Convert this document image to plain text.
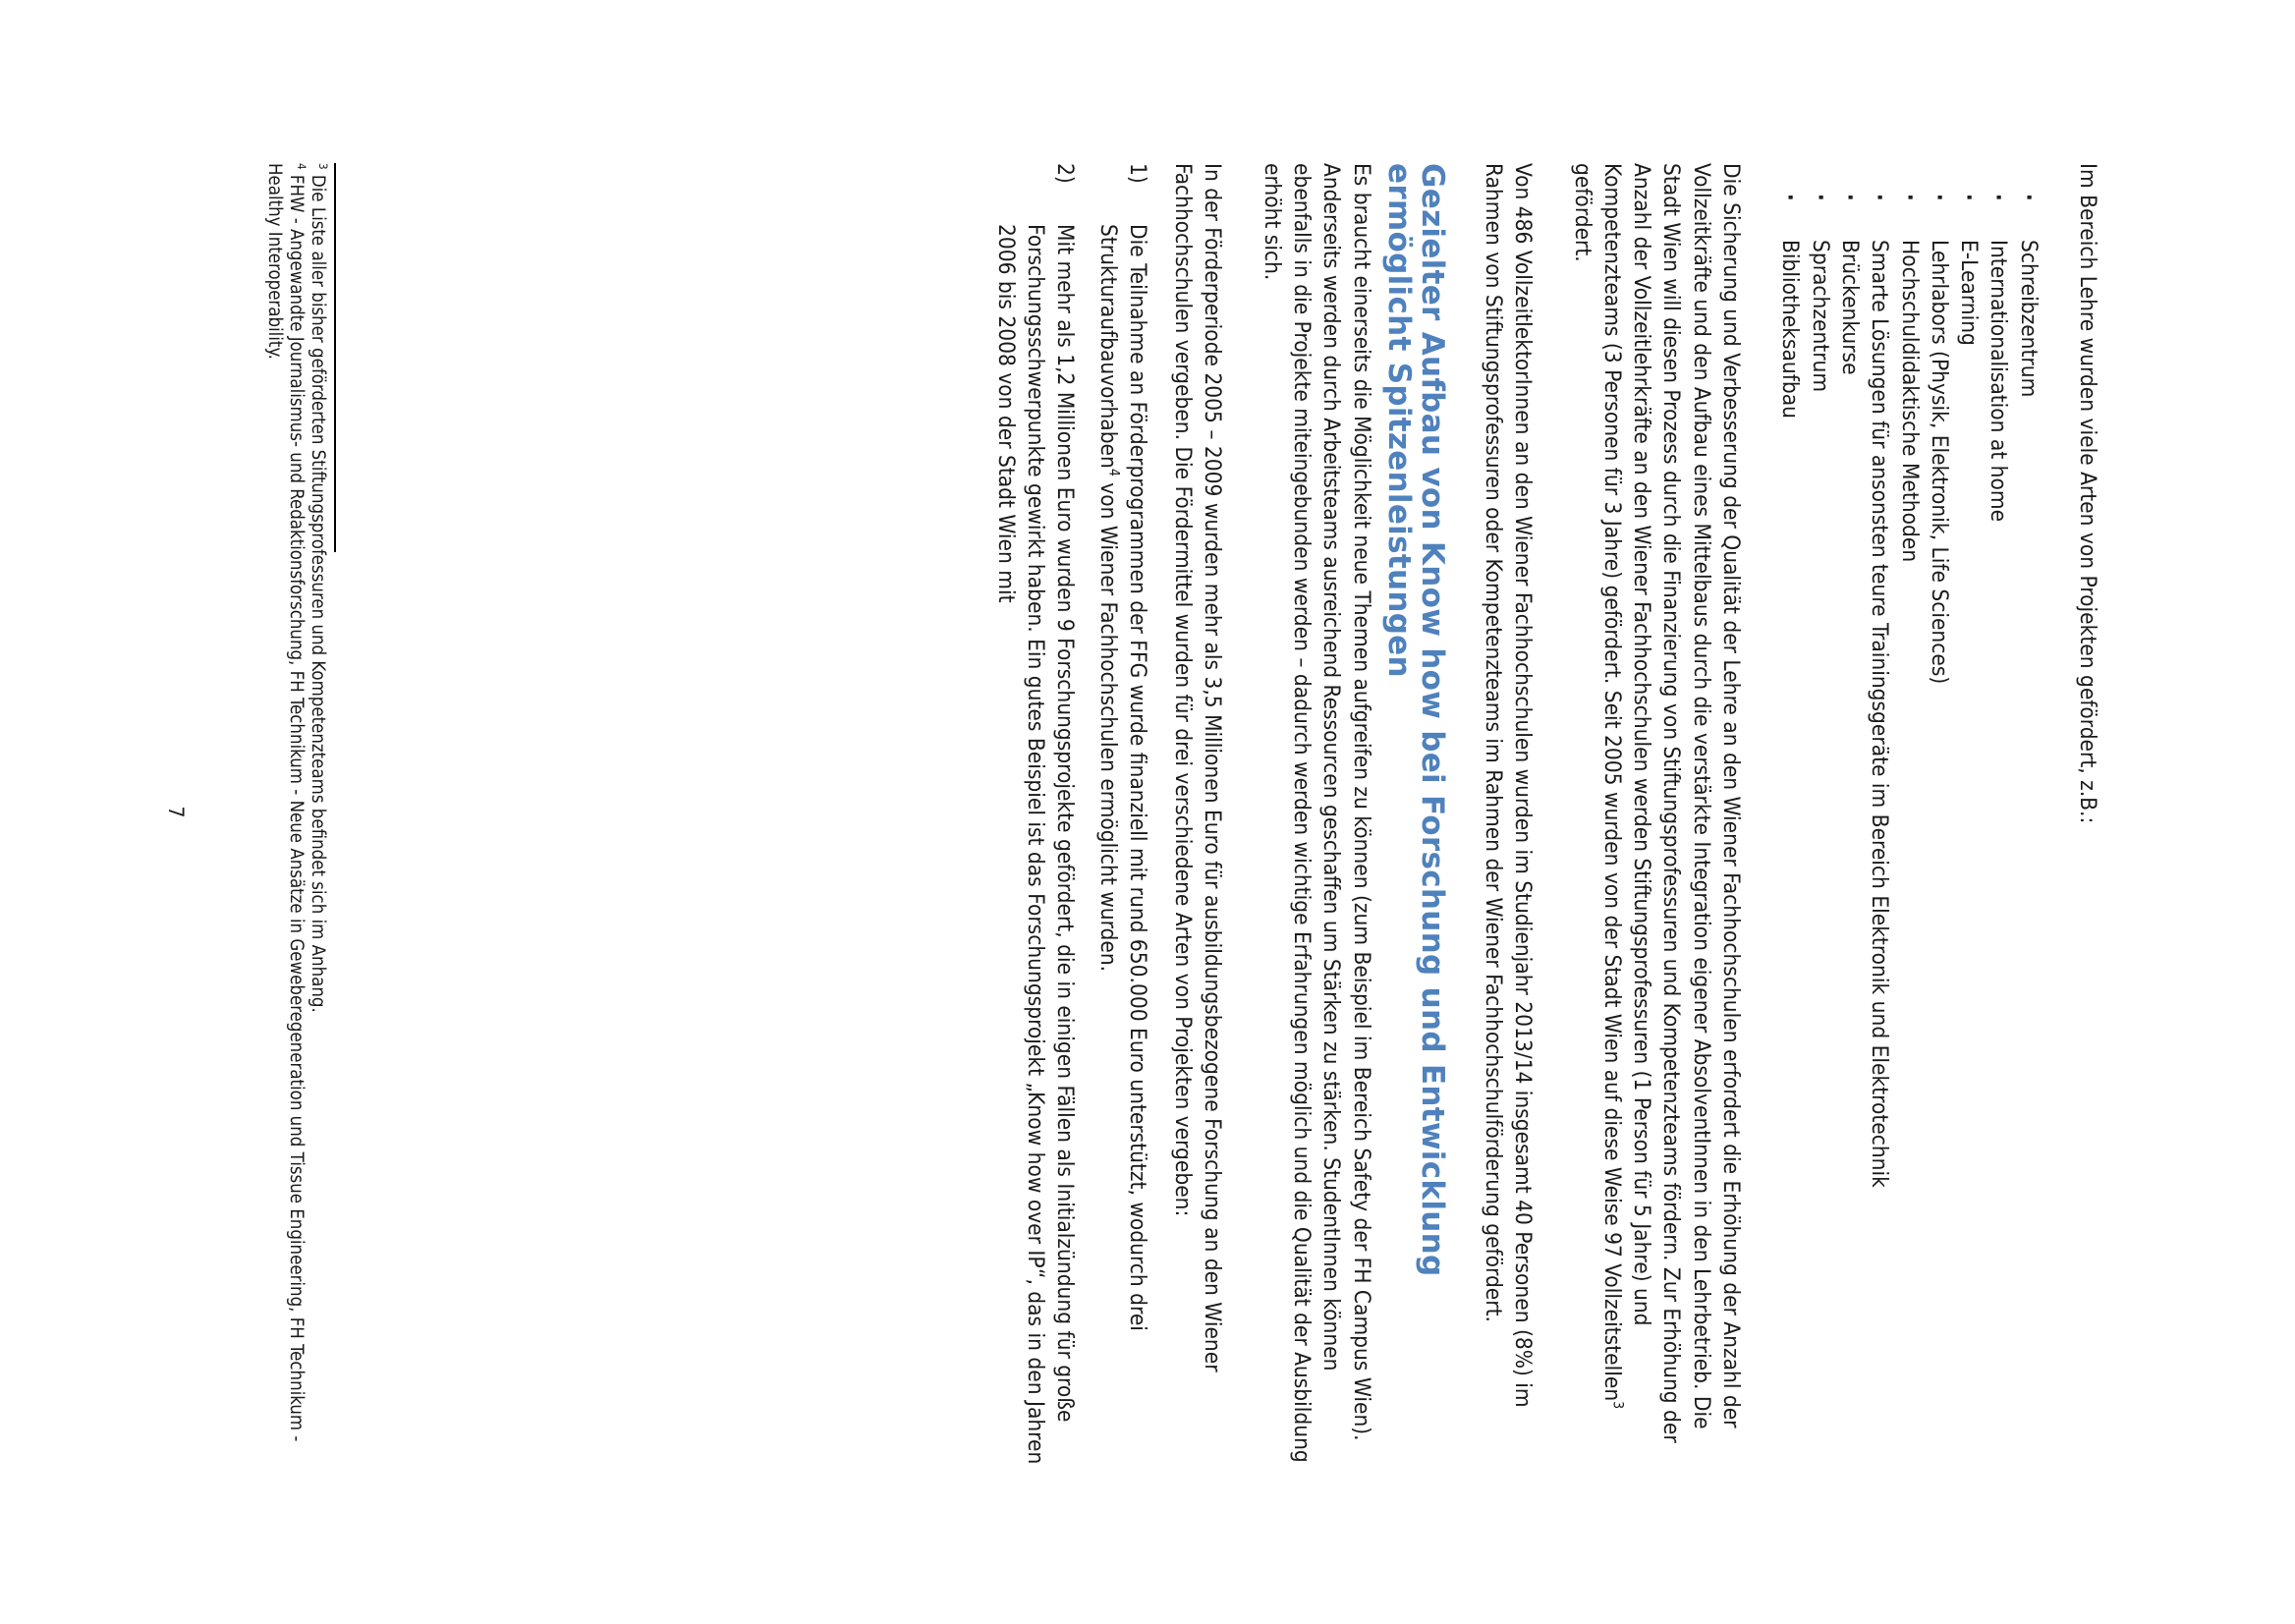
Im Bereich Lehre wurden viele Arten von Projekten gefördert, z.B.:

· Schreibzentrum
· Internationalisation at home
· E-Learning
· Lehrlabors (Physik, Elektronik, Life Sciences)
· Hochschuldidaktische Methoden
· Smarte Lösungen für ansonsten teure Trainingsgeräte im Bereich Elektronik und Elektrotechnik
· Brückenkurse
· Sprachzentrum
· Bibliotheksaufbau

Die Sicherung und Verbesserung der Qualität der Lehre an den Wiener Fachhochschulen erfordert die Erhöhung der Anzahl der Vollzeitkräfte und den Aufbau eines Mittelbaus durch die verstärkte Integration eigener AbsolventInnen in den Lehrbetrieb. Die Stadt Wien will diesen Prozess durch die Finanzierung von Stiftungsprofessuren und Kompetenzteams fördern. Zur Erhöhung der Anzahl der Vollzeitlehrkräfte an den Wiener Fachhochschulen werden Stiftungsprofessuren (1 Person für 5 Jahre) und Kompetenzteams (3 Personen für 3 Jahre) gefördert. Seit 2005 wurden von der Stadt Wien auf diese Weise 97 Vollzeitstellen$^3$ gefördert.

Von 486 VollzeitlektorInnen an den Wiener Fachhochschulen wurden im Studienjahr 2013/14 insgesamt 40 Personen (8%) im Rahmen von Stiftungsprofessuren oder Kompetenzteams im Rahmen der Wiener Fachhochschulförderung gefördert.

Gezielter Aufbau von Know how bei Forschung und Entwicklung ermöglicht Spitzenleistungen

Es braucht einerseits die Möglichkeit neue Themen aufgreifen zu können (zum Beispiel im Bereich Safety der FH Campus Wien). Anderseits werden durch Arbeitsteams ausreichend Ressourcen geschaffen um Stärken zu stärken. StudentInnen können ebenfalls in die Projekte miteingebunden werden – dadurch werden wichtige Erfahrungen möglich und die Qualität der Ausbildung erhöht sich.

In der Förderperiode 2005 – 2009 wurden mehr als 3,5 Millionen Euro für ausbildungsbezogene Forschung an den Wiener Fachhochschulen vergeben. Die Fördermittel wurden für drei verschiedene Arten von Projekten vergeben:

1)
Die Teilnahme an Förderprogrammen der FFG wurde finanziell mit rund 650.000 Euro unterstützt, wodurch drei Strukturaufbauvorhaben$^4$ von Wiener Fachhochschulen ermöglicht wurden.
2)
Mit mehr als 1,2 Millionen Euro wurden 9 Forschungsprojekte gefördert, die in einigen Fällen als Initialzündung für große Forschungsschwerpunkte gewirkt haben. Ein gutes Beispiel ist das Forschungsprojekt „Know how over IP“, das in den Jahren 2006 bis 2008 von der Stadt Wien mit

$^3$ Die Liste aller bisher geförderten Stiftungsprofessuren und Kompetenzteams befindet sich im Anhang.

$^4$ FHW - Angewandte Journalismus- und Redaktionsforschung, FH Technikum - Neue Ansätze in Geweberegeneration und Tissue Engineering, FH Technikum - Healthy Interoperability.

7
